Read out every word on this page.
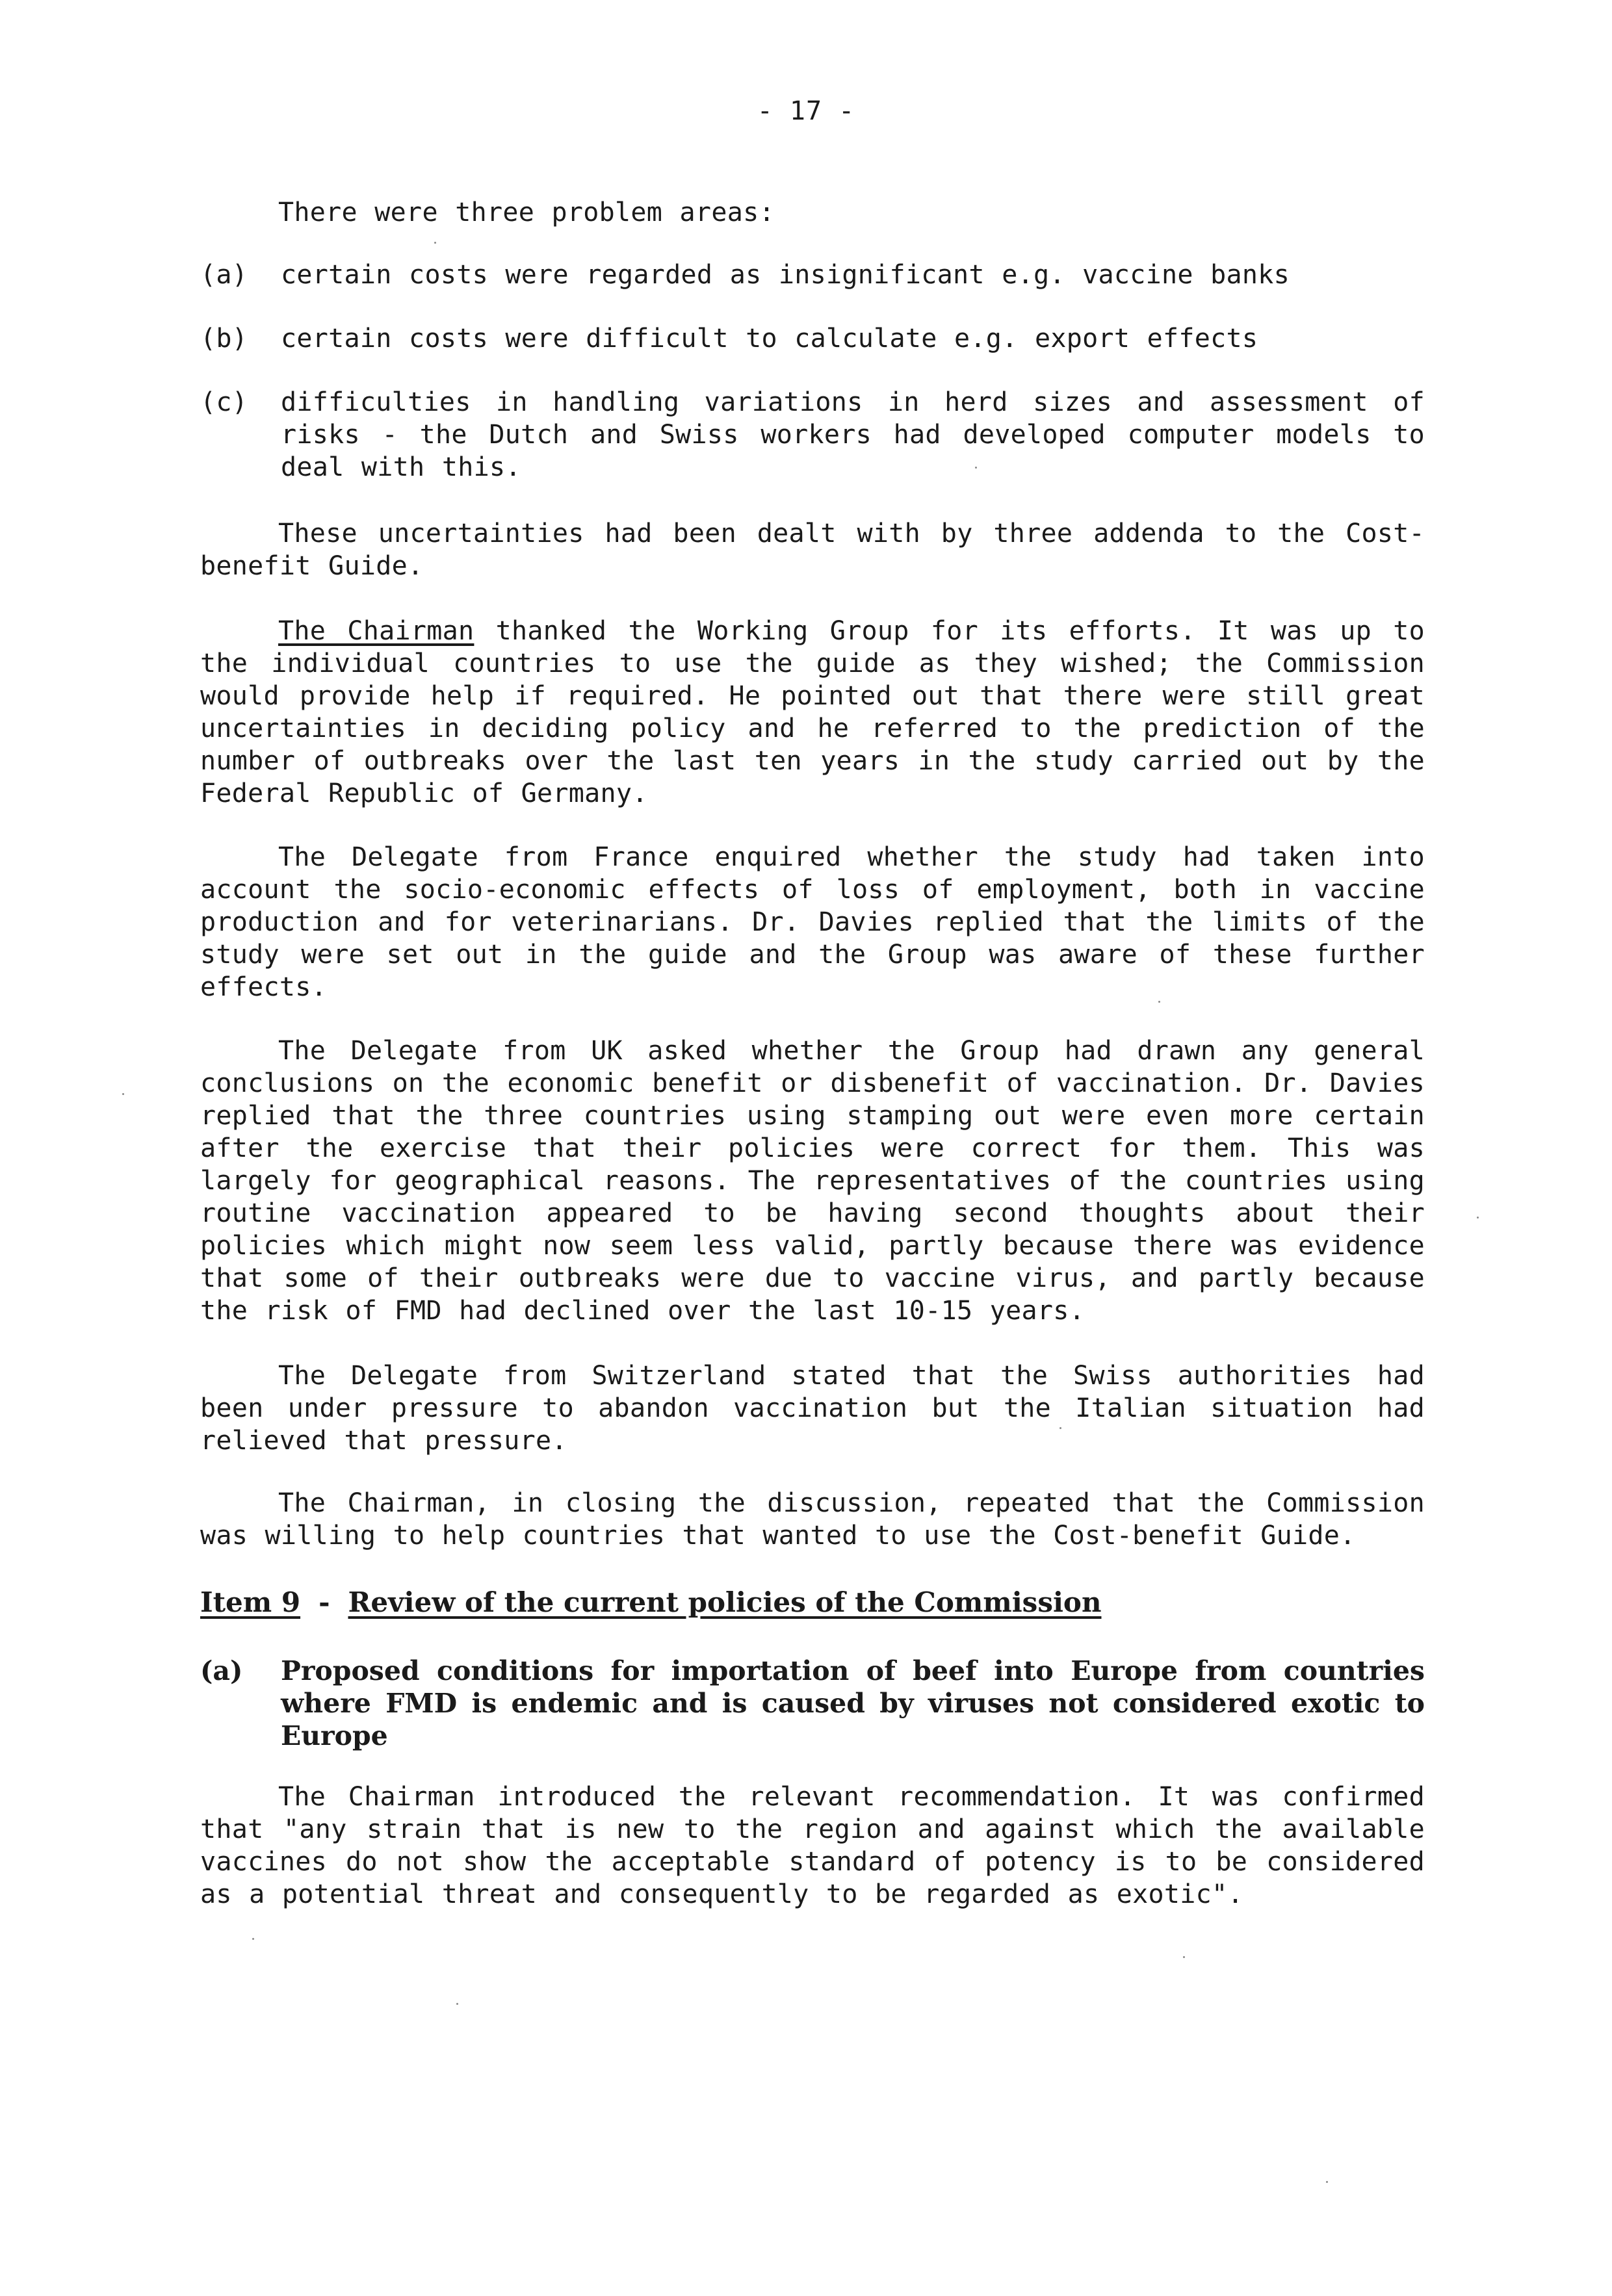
- 17 -
There were three problem areas:
(a)	certain costs were regarded as insignificant e.g. vaccine banks
(b)	certain costs were difficult to calculate e.g. export effects
(c)	difficulties in handling variations in herd sizes and assessment of risks - the Dutch and Swiss workers had developed computer models to deal with this.

These uncertainties had been dealt with by three addenda to the Cost-benefit Guide.

The Chairman thanked the Working Group for its efforts. It was up to the individual countries to use the guide as they wished; the Commission would provide help if required. He pointed out that there were still great uncertainties in deciding policy and he referred to the prediction of the number of outbreaks over the last ten years in the study carried out by the Federal Republic of Germany.

The Delegate from France enquired whether the study had taken into account the socio-economic effects of loss of employment, both in vaccine production and for veterinarians. Dr. Davies replied that the limits of the study were set out in the guide and the Group was aware of these further effects.

The Delegate from UK asked whether the Group had drawn any general conclusions on the economic benefit or disbenefit of vaccination. Dr. Davies replied that the three countries using stamping out were even more certain after the exercise that their policies were correct for them. This was largely for geographical reasons. The representatives of the countries using routine vaccination appeared to be having second thoughts about their policies which might now seem less valid, partly because there was evidence that some of their outbreaks were due to vaccine virus, and partly because the risk of FMD had declined over the last 10-15 years.

The Delegate from Switzerland stated that the Swiss authorities had been under pressure to abandon vaccination but the Italian situation had relieved that pressure.

The Chairman, in closing the discussion, repeated that the Commission was willing to help countries that wanted to use the Cost-benefit Guide.

Item 9 - Review of the current policies of the Commission
(a) Proposed conditions for importation of beef into Europe from countries where FMD is endemic and is caused by viruses not considered exotic to Europe

The Chairman introduced the relevant recommendation. It was confirmed that "any strain that is new to the region and against which the available vaccines do not show the acceptable standard of potency is to be considered as a potential threat and consequently to be regarded as exotic".
